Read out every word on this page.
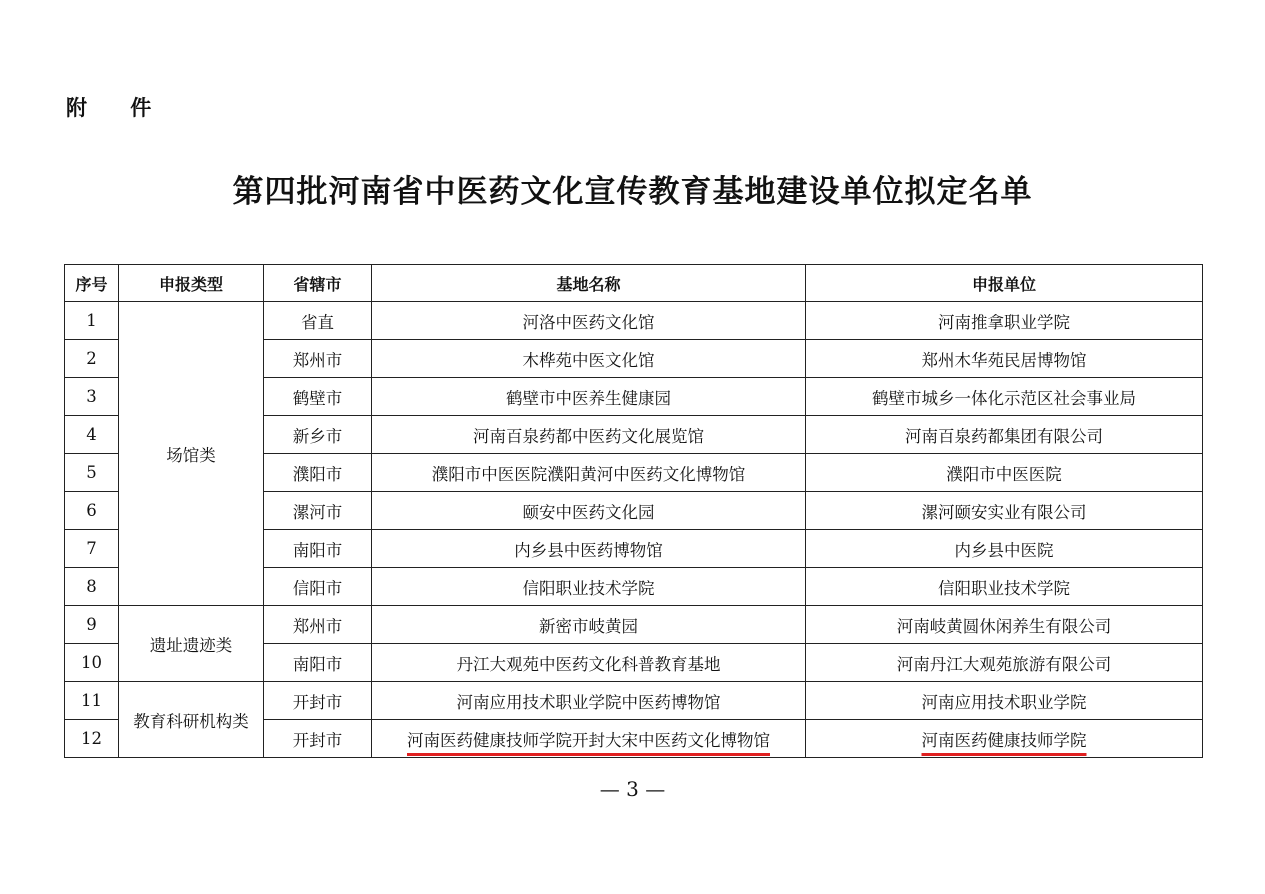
附 件
第四批河南省中医药文化宣传教育基地建设单位拟定名单
序号	申报类型	省辖市	基地名称	申报单位
1	场馆类	省直	河洛中医药文化馆	河南推拿职业学院
2		郑州市	木桦苑中医文化馆	郑州木华苑民居博物馆
3		鹤壁市	鹤壁市中医养生健康园	鹤壁市城乡一体化示范区社会事业局
4		新乡市	河南百泉药都中医药文化展览馆	河南百泉药都集团有限公司
5		濮阳市	濮阳市中医医院濮阳黄河中医药文化博物馆	濮阳市中医医院
6		漯河市	颐安中医药文化园	漯河颐安实业有限公司
7		南阳市	内乡县中医药博物馆	内乡县中医院
8		信阳市	信阳职业技术学院	信阳职业技术学院
9	遗址遗迹类	郑州市	新密市岐黄园	河南岐黄圆休闲养生有限公司
10		南阳市	丹江大观苑中医药文化科普教育基地	河南丹江大观苑旅游有限公司
11	教育科研机构类	开封市	河南应用技术职业学院中医药博物馆	河南应用技术职业学院
12		开封市	河南医药健康技师学院开封大宋中医药文化博物馆	河南医药健康技师学院
— 3 —
